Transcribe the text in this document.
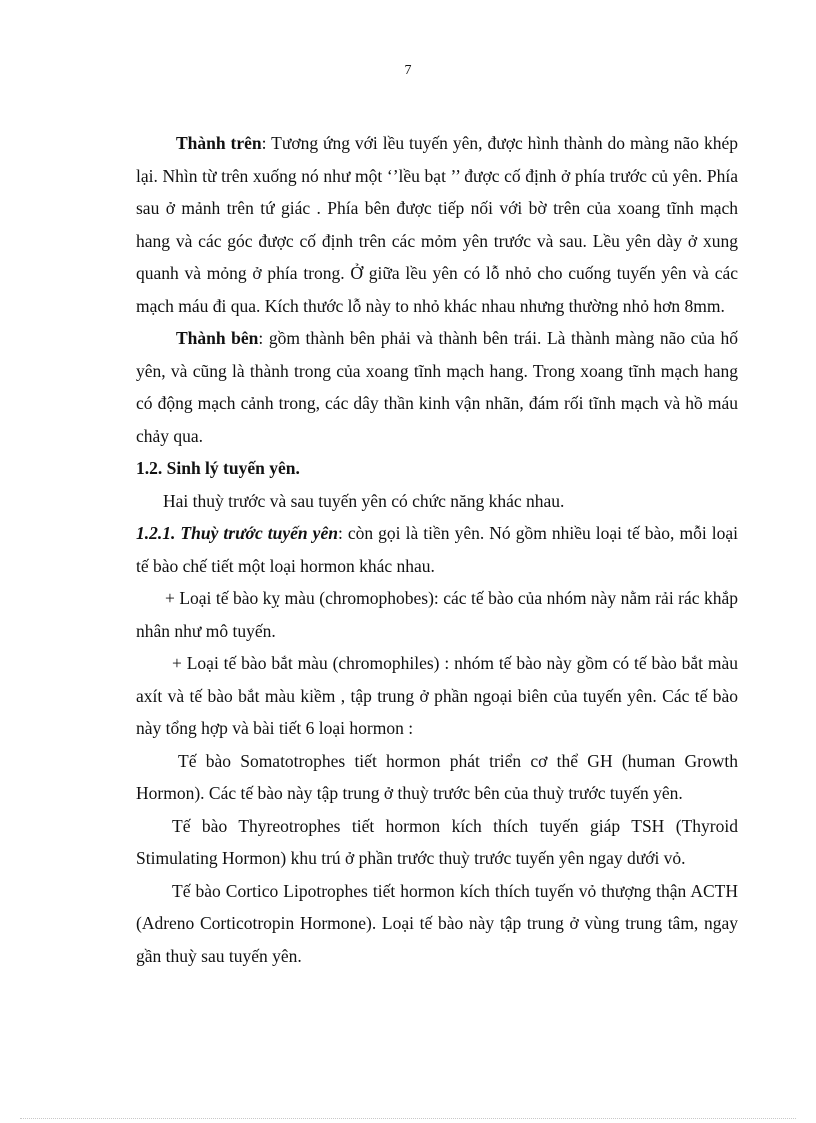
7

Thành trên: Tương ứng với lều tuyến yên, được hình thành do màng não khép lại. Nhìn từ trên xuống nó như một ‘’lều bạt ’’ được cố định ở phía trước củ yên. Phía sau ở mảnh trên tứ giác . Phía bên được tiếp nối với bờ trên của xoang tĩnh mạch hang và các góc được cố định trên các mỏm yên trước và sau. Lều yên dày ở xung quanh và mỏng ở phía trong. Ở giữa lều yên có lỗ nhỏ cho cuống tuyến yên và các mạch máu đi qua. Kích thước lỗ này to nhỏ khác nhau nhưng thường nhỏ hơn 8mm.

Thành bên: gồm thành bên phải và thành bên trái. Là thành màng não của hố yên, và cũng là thành trong của xoang tĩnh mạch hang. Trong xoang tĩnh mạch hang có động mạch cảnh trong, các dây thần kinh vận nhãn, đám rối tĩnh mạch và hồ máu chảy qua.

1.2. Sinh lý tuyến yên.

Hai thuỳ trước và sau tuyến yên có chức năng khác nhau.

1.2.1. Thuỳ trước tuyến yên: còn gọi là tiền yên. Nó gồm nhiều loại tế bào, mỗi loại tế bào chế tiết một loại hormon khác nhau.

+ Loại tế bào kỵ màu (chromophobes): các tế bào của nhóm này nằm rải rác khắp nhân như mô tuyến.

+ Loại tế bào bắt màu (chromophiles) : nhóm tế bào này gồm có tế bào bắt màu axít và tế bào bắt màu kiềm , tập trung ở phần ngoại biên của tuyến yên. Các tế bào này tổng hợp và bài tiết 6 loại hormon :

Tế bào Somatotrophes tiết hormon phát triển cơ thể GH (human Growth Hormon). Các tế bào này tập trung ở thuỳ trước bên của thuỳ trước tuyến yên.

Tế bào Thyreotrophes tiết hormon kích thích tuyến giáp TSH (Thyroid Stimulating Hormon) khu trú ở phần trước thuỳ trước tuyến yên ngay dưới vỏ.

Tế bào Cortico Lipotrophes tiết hormon kích thích tuyến vỏ thượng thận ACTH (Adreno Corticotropin Hormone). Loại tế bào này tập trung ở vùng trung tâm, ngay gần thuỳ sau tuyến yên.
